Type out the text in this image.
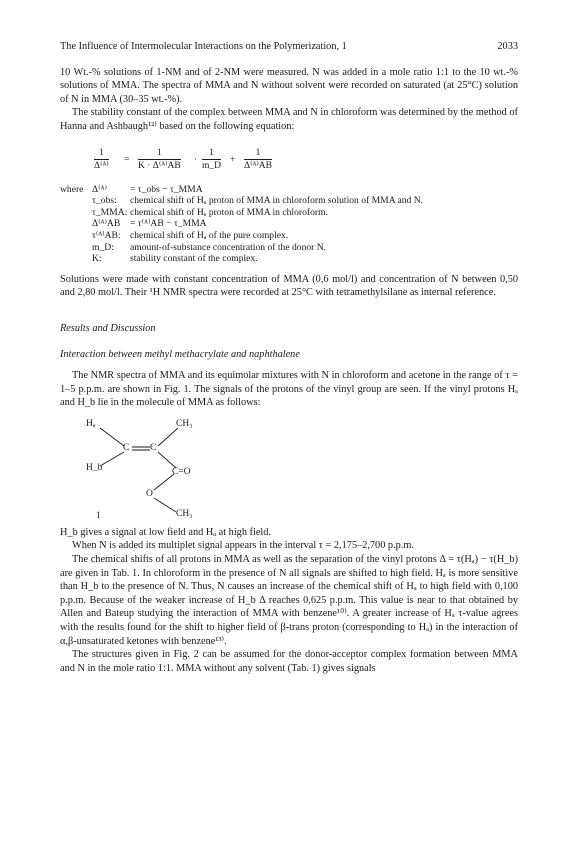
The Influence of Intermolecular Interactions on the Polymerization, 1	2033

10 Wt.-% solutions of 1-NM and of 2-NM were measured. N was added in a mole ratio 1:1 to the 10 wt.-% solutions of MMA. The spectra of MMA and N without solvent were recorded on saturated (at 25°C) solution of N in MMA (30–35 wt.-%).

The stability constant of the complex between MMA and N in chloroform was determined by the method of Hanna and Ashbaugh¹²⁾ based on the following equation:

$\frac{1}{\text{Δ⁽ᴬ⁾}} = \frac{1}{\text{K · Δ⁽ᴬ⁾AB}} \cdot \frac{1}{m\_D} + \frac{1}{\text{Δ⁽ᴬ⁾AB}}$
where Δ⁽ᴬ⁾	= τ_obs − τ_MMA
τ_obs:	chemical shift of Hₐ proton of MMA in chloroform solution of MMA and N.
τ_MMA: chemical shift of Hₐ proton of MMA in chloroform.
Δ⁽ᴬ⁾AB	= τ⁽ᴬ⁾AB − τ_MMA
τ⁽ᴬ⁾AB: chemical shift of Hₐ of the pure complex.
m_D:	amount-of-substance concentration of the donor N.
K:	stability constant of the complex.

Solutions were made with constant concentration of MMA (0,6 mol/l) and concentration of N between 0,50 and 2,80 mol/l. Their ¹H NMR spectra were recorded at 25°C with tetramethylsilane as internal reference.

Results and Discussion
Interaction between methyl methacrylate and naphthalene

The NMR spectra of MMA and its equimolar mixtures with N in chloroform and acetone in the range of τ = 1–5 p.p.m. are shown in Fig. 1. The signals of the protons of the vinyl group are seen. If the vinyl protons Hₐ and H_b lie in the molecule of MMA as follows:

Hₐ	CH₃
C C
H_b	C=O
O
CH₃
1

H_b gives a signal at low field and Hₐ at high field.

When N is added its multiplet signal appears in the interval τ = 2,175–2,700 p.p.m.

The chemical shifts of all protons in MMA as well as the separation of the vinyl protons Δ = τ(Hₐ) − τ(H_b) are given in Tab. 1. In chloroform in the presence of N all signals are shifted to high field. Hₐ is more sensitive than H_b to the presence of N. Thus, N causes an increase of the chemical shift of Hₐ to high field with 0,100 p.p.m. Because of the weaker increase of H_b Δ reaches 0,625 p.p.m. This value is near to that obtained by Allen and Bateup studying the interaction of MMA with benzene¹⁰⁾. A greater increase of Hₐ τ-value agrees with the results found for the shift to higher field of β-trans proton (corresponding to Hₐ) in the interaction of α,β-unsaturated ketones with benzene¹³⁾.

The structures given in Fig. 2 can be assumed for the donor-acceptor complex formation between MMA and N in the mole ratio 1:1. MMA without any solvent (Tab. 1) gives signals
